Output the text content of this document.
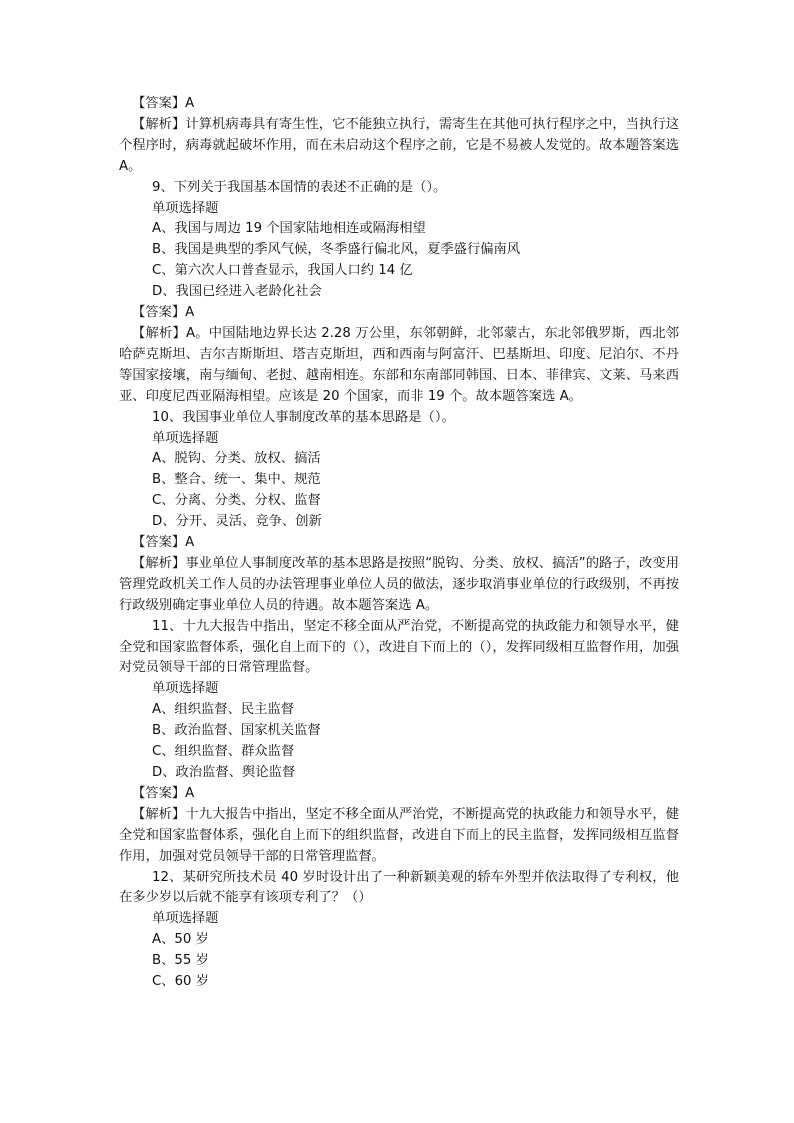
【答案】A

【解析】计算机病毒具有寄生性，它不能独立执行，需寄生在其他可执行程序之中，当执行这个程序时，病毒就起破坏作用，而在未启动这个程序之前，它是不易被人发觉的。故本题答案选 A。

9、下列关于我国基本国情的表述不正确的是（）。

单项选择题

A、我国与周边 19 个国家陆地相连或隔海相望

B、我国是典型的季风气候，冬季盛行偏北风，夏季盛行偏南风

C、第六次人口普查显示，我国人口约 14 亿

D、我国已经进入老龄化社会

【答案】A

【解析】A。中国陆地边界长达 2.28 万公里，东邻朝鲜，北邻蒙古，东北邻俄罗斯，西北邻哈萨克斯坦、吉尔吉斯斯坦、塔吉克斯坦，西和西南与阿富汗、巴基斯坦、印度、尼泊尔、不丹等国家接壤，南与缅甸、老挝、越南相连。东部和东南部同韩国、日本、菲律宾、文莱、马来西亚、印度尼西亚隔海相望。应该是 20 个国家，而非 19 个。故本题答案选 A。

10、我国事业单位人事制度改革的基本思路是（）。

单项选择题

A、脱钩、分类、放权、搞活

B、整合、统一、集中、规范

C、分离、分类、分权、监督

D、分开、灵活、竞争、创新

【答案】A

【解析】事业单位人事制度改革的基本思路是按照“脱钩、分类、放权、搞活”的路子，改变用管理党政机关工作人员的办法管理事业单位人员的做法，逐步取消事业单位的行政级别，不再按行政级别确定事业单位人员的待遇。故本题答案选 A。

11、十九大报告中指出，坚定不移全面从严治党，不断提高党的执政能力和领导水平，健全党和国家监督体系，强化自上而下的（），改进自下而上的（），发挥同级相互监督作用，加强对党员领导干部的日常管理监督。

单项选择题

A、组织监督、民主监督

B、政治监督、国家机关监督

C、组织监督、群众监督

D、政治监督、舆论监督

【答案】A

【解析】十九大报告中指出，坚定不移全面从严治党，不断提高党的执政能力和领导水平，健全党和国家监督体系，强化自上而下的组织监督，改进自下而上的民主监督，发挥同级相互监督作用，加强对党员领导干部的日常管理监督。

12、某研究所技术员 40 岁时设计出了一种新颖美观的轿车外型并依法取得了专利权，他在多少岁以后就不能享有该项专利了？（）

单项选择题

A、50 岁

B、55 岁

C、60 岁
